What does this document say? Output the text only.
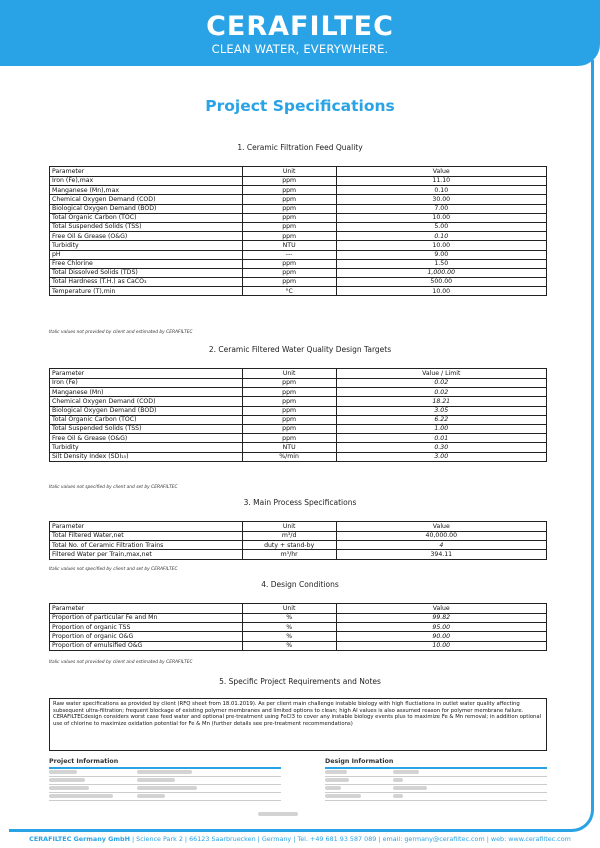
CERAFILTEC
CLEAN WATER, EVERYWHERE.
Project Specifications
1. Ceramic Filtration Feed Quality
Parameter	Unit	Value
Iron (Fe),max	ppm	11.10
Manganese (Mn),max	ppm	0.10
Chemical Oxygen Demand (COD)	ppm	30.00
Biological Oxygen Demand (BOD)	ppm	7.00
Total Organic Carbon (TOC)	ppm	10.00
Total Suspended Solids (TSS)	ppm	5.00
Free Oil & Grease (O&G)	ppm	0.10
Turbidity	NTU	10.00
pH	---	9.00
Free Chlorine	ppm	1.50
Total Dissolved Solids (TDS)	ppm	1,000.00
Total Hardness (T.H.) as CaCO₃	ppm	500.00
Temperature (T),min	°C	10.00
Italic values not provided by client and estimated by CERAFILTEC
2. Ceramic Filtered Water Quality Design Targets
Parameter	Unit	Value / Limit
Iron (Fe)	ppm	0.02
Manganese (Mn)	ppm	0.02
Chemical Oxygen Demand (COD)	ppm	18.21
Biological Oxygen Demand (BOD)	ppm	3.05
Total Organic Carbon (TOC)	ppm	6.22
Total Suspended Solids (TSS)	ppm	1.00
Free Oil & Grease (O&G)	ppm	0.01
Turbidity	NTU	0.30
Silt Density Index (SDI₁₅)	%/min	3.00
Italic values not specified by client and set by CERAFILTEC
3. Main Process Specifications
Parameter	Unit	Value
Total Filtered Water,net	m³/d	40,000.00
Total No. of Ceramic Filtration Trains	duty + stand-by	4
Filtered Water per Train,max,net	m³/hr	394.11
Italic values not specified by client and set by CERAFILTEC
4. Design Conditions
Parameter	Unit	Value
Proportion of particular Fe and Mn	%	99.82
Proportion of organic TSS	%	95.00
Proportion of organic O&G	%	90.00
Proportion of emulsified O&G	%	10.00
Italic values not provided by client and estimated by CERAFILTEC
5. Specific Project Requirements and Notes
Raw water specifications as provided by client (RFQ sheet from 18.01.2019). As per client main challenge instable biology with high fluctiations in outlet water quality affecting subsequent ultra-filtration; frequent blockage of existing polymer membranes and limited options to clean; high AI values is also assumed reason for polymer membrane failure.
CERAFILTECdesign considers worst case feed water and optional pre-treatment using FeCl3 to cover any instable biology events plus to maximize Fe & Mn removal; in addition optional use of chlorine to maximize oxidation potential for Fe & Mn (further details see pre-treatment recommendations)
Project Information	Design Information
CERAFILTEC Germany GmbH | Science Park 2 | 66123 Saarbruecken | Germany | Tel. +49 681 93 587 089 | email: germany@cerafiltec.com | web: www.cerafiltec.com
